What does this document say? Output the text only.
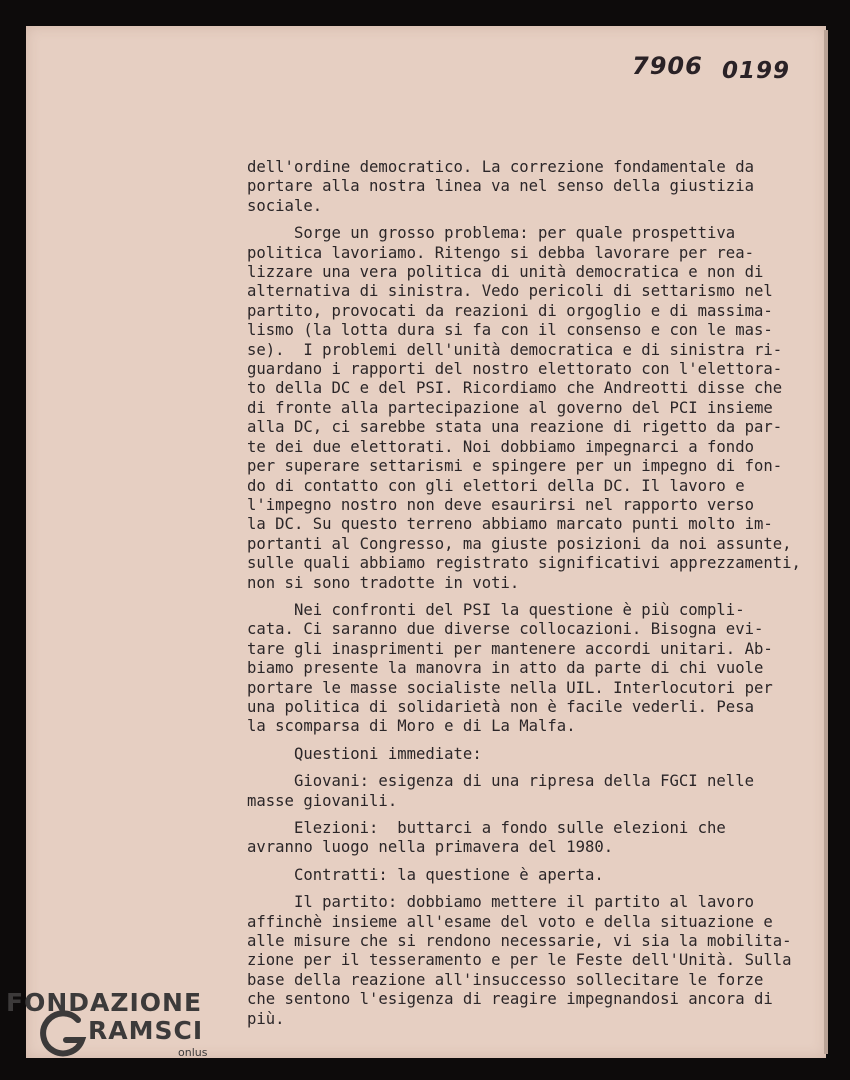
7906 0199
dell'ordine democratico. La correzione fondamentale da
portare alla nostra linea va nel senso della giustizia
sociale.
Sorge un grosso problema: per quale prospettiva
politica lavoriamo. Ritengo si debba lavorare per rea-
lizzare una vera politica di unità democratica e non di
alternativa di sinistra. Vedo pericoli di settarismo nel
partito, provocati da reazioni di orgoglio e di massima-
lismo (la lotta dura si fa con il consenso e con le mas-
se).  I problemi dell'unità democratica e di sinistra ri-
guardano i rapporti del nostro elettorato con l'elettora-
to della DC e del PSI. Ricordiamo che Andreotti disse che
di fronte alla partecipazione al governo del PCI insieme
alla DC, ci sarebbe stata una reazione di rigetto da par-
te dei due elettorati. Noi dobbiamo impegnarci a fondo
per superare settarismi e spingere per un impegno di fon-
do di contatto con gli elettori della DC. Il lavoro e
l'impegno nostro non deve esaurirsi nel rapporto verso
la DC. Su questo terreno abbiamo marcato punti molto im-
portanti al Congresso, ma giuste posizioni da noi assunte,
sulle quali abbiamo registrato significativi apprezzamenti,
non si sono tradotte in voti.
Nei confronti del PSI la questione è più compli-
cata. Ci saranno due diverse collocazioni. Bisogna evi-
tare gli inasprimenti per mantenere accordi unitari. Ab-
biamo presente la manovra in atto da parte di chi vuole
portare le masse socialiste nella UIL. Interlocutori per
una politica di solidarietà non è facile vederli. Pesa
la scomparsa di Moro e di La Malfa.
Questioni immediate:
Giovani: esigenza di una ripresa della FGCI nelle
masse giovanili.
Elezioni:  buttarci a fondo sulle elezioni che
avranno luogo nella primavera del 1980.
Contratti: la questione è aperta.
Il partito: dobbiamo mettere il partito al lavoro
affinchè insieme all'esame del voto e della situazione e
alle misure che si rendono necessarie, vi sia la mobilita-
zione per il tesseramento e per le Feste dell'Unità. Sulla
base della reazione all'insuccesso sollecitare le forze
che sentono l'esigenza di reagire impegnandosi ancora di
più.
FONDAZIONE
RAMSCI
onlus
